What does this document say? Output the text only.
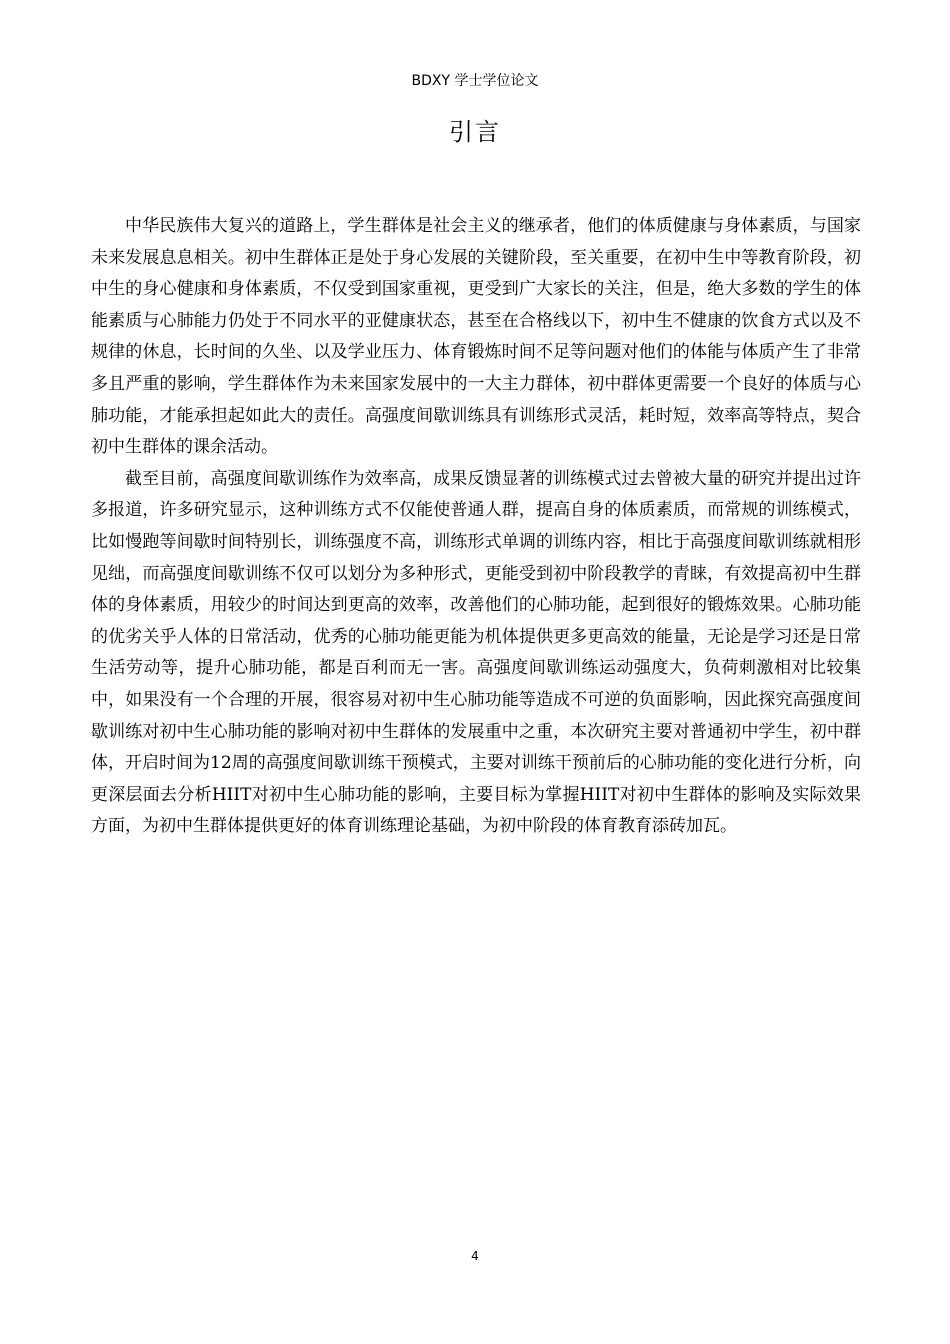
BDXY 学士学位论文
引言

中华民族伟大复兴的道路上，学生群体是社会主义的继承者，他们的体质健康与身体素质，与国家未来发展息息相关。初中生群体正是处于身心发展的关键阶段，至关重要，在初中生中等教育阶段，初中生的身心健康和身体素质，不仅受到国家重视，更受到广大家长的关注，但是，绝大多数的学生的体能素质与心肺能力仍处于不同水平的亚健康状态，甚至在合格线以下，初中生不健康的饮食方式以及不规律的休息，长时间的久坐、以及学业压力、体育锻炼时间不足等问题对他们的体能与体质产生了非常多且严重的影响，学生群体作为未来国家发展中的一大主力群体，初中群体更需要一个良好的体质与心肺功能，才能承担起如此大的责任。高强度间歇训练具有训练形式灵活，耗时短，效率高等特点，契合初中生群体的课余活动。

截至目前，高强度间歇训练作为效率高，成果反馈显著的训练模式过去曾被大量的研究并提出过许多报道，许多研究显示，这种训练方式不仅能使普通人群，提高自身的体质素质，而常规的训练模式，比如慢跑等间歇时间特别长，训练强度不高，训练形式单调的训练内容，相比于高强度间歇训练就相形见绌，而高强度间歇训练不仅可以划分为多种形式，更能受到初中阶段教学的青睐，有效提高初中生群体的身体素质，用较少的时间达到更高的效率，改善他们的心肺功能，起到很好的锻炼效果。心肺功能的优劣关乎人体的日常活动，优秀的心肺功能更能为机体提供更多更高效的能量，无论是学习还是日常生活劳动等，提升心肺功能，都是百利而无一害。高强度间歇训练运动强度大，负荷刺激相对比较集中，如果没有一个合理的开展，很容易对初中生心肺功能等造成不可逆的负面影响，因此探究高强度间歇训练对初中生心肺功能的影响对初中生群体的发展重中之重，本次研究主要对普通初中学生，初中群体，开启时间为12周的高强度间歇训练干预模式，主要对训练干预前后的心肺功能的变化进行分析，向更深层面去分析HIIT对初中生心肺功能的影响，主要目标为掌握HIIT对初中生群体的影响及实际效果方面，为初中生群体提供更好的体育训练理论基础，为初中阶段的体育教育添砖加瓦。

4
